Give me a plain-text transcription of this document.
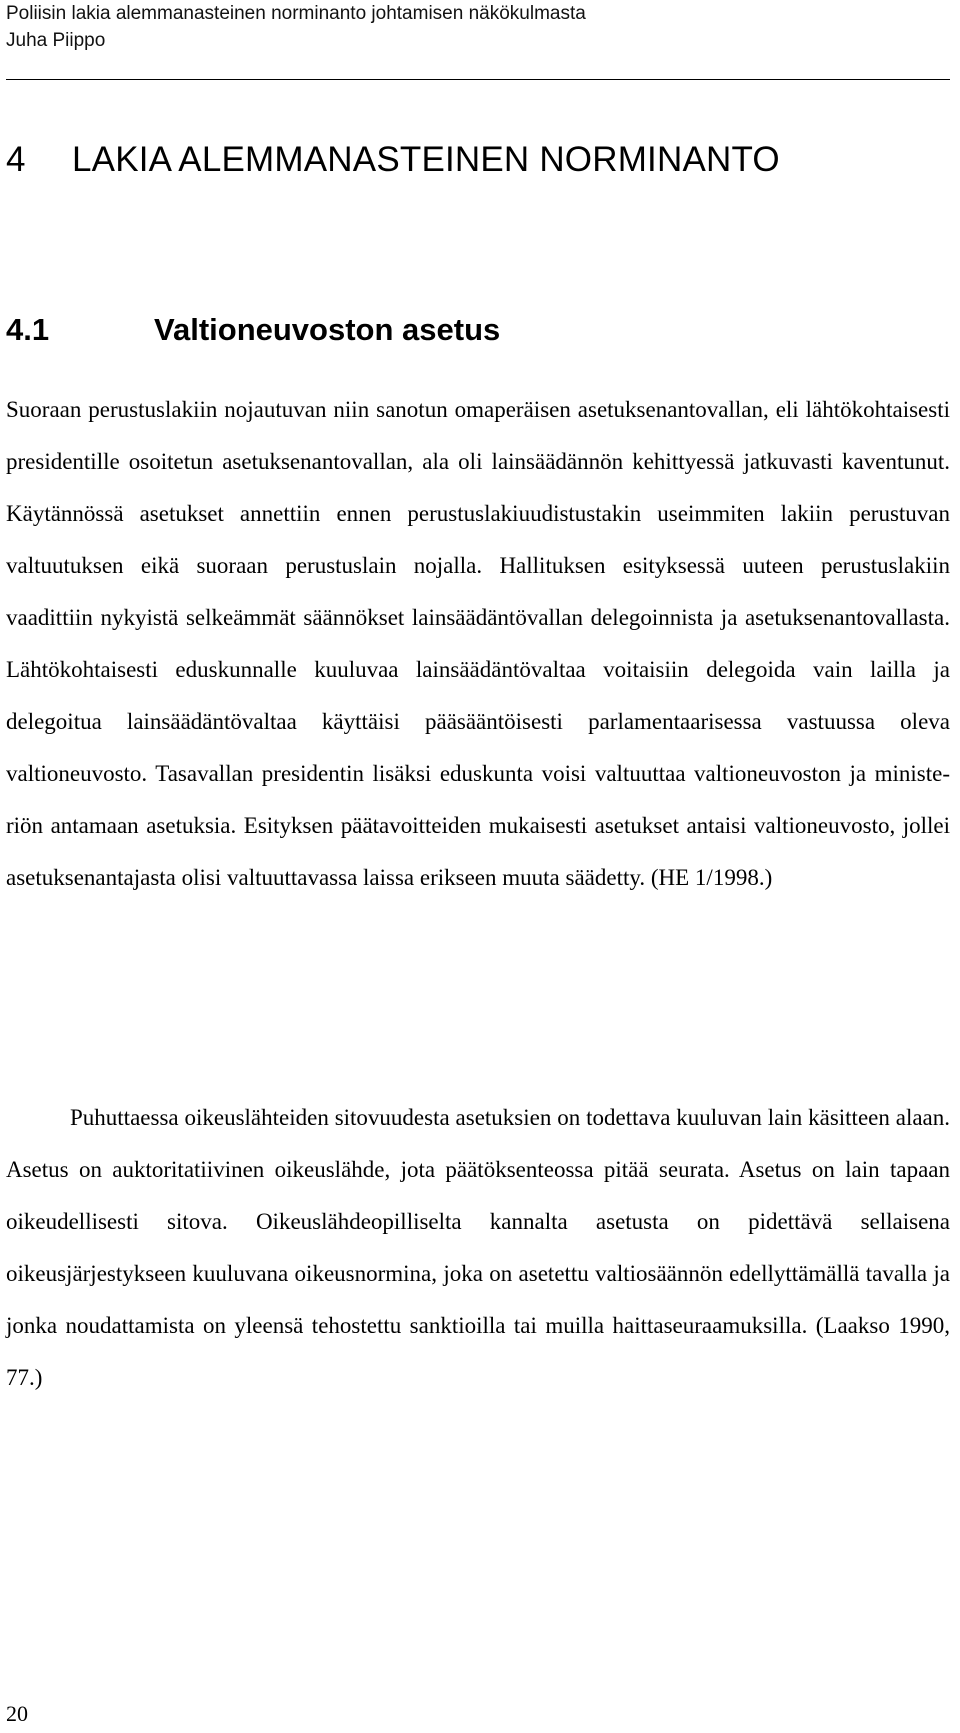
Poliisin lakia alemmanasteinen norminanto johtamisen näkökulmasta
Juha Piippo
4 LAKIA ALEMMANASTEINEN NORMINANTO
4.1	Valtioneuvoston asetus

Suoraan perustuslakiin nojautuvan niin sanotun omaperäisen asetuksenantovallan, eli lähtökohtaisesti presidentille osoitetun asetuksenantovallan, ala oli lainsäädännön kehittyessä jatkuvasti kaventunut. Käytännössä asetukset annettiin ennen perustuslakiuudistustakin useimmiten lakiin perustuvan valtuutuksen eikä suoraan perustuslain nojalla. Hallituksen esityksessä uuteen perustuslakiin vaadittiin nykyistä selkeämmät säännökset lainsäädäntövallan delegoinnista ja asetuksenantovallasta. Lähtökohtaisesti eduskunnalle kuuluvaa lainsäädäntövaltaa voitaisiin delegoida vain lailla ja delegoitua lainsäädäntövaltaa käyttäisi pääsääntöisesti parlamentaarisessa vastuussa oleva valtioneuvosto. Tasavallan presidentin lisäksi eduskunta voisi valtuuttaa valtioneuvoston ja ministeriön antamaan asetuksia. Esityksen päätavoitteiden mukaisesti asetukset antaisi valtioneuvosto, jollei asetuksenantajasta olisi valtuuttavassa laissa erikseen muuta säädetty. (HE 1/1998.)

Puhuttaessa oikeuslähteiden sitovuudesta asetuksien on todettava kuuluvan lain käsitteen alaan. Asetus on auktoritatiivinen oikeuslähde, jota päätöksenteossa pitää seurata. Asetus on lain tapaan oikeudellisesti sitova. Oikeuslähdeopilliselta kannalta asetusta on pidettävä sellaisena oikeusjärjestykseen kuuluvana oikeusnormina, joka on asetettu valtiosäännön edellyttämällä tavalla ja jonka noudattamista on yleensä tehostettu sanktioilla tai muilla haittaseuraamuksilla. (Laakso 1990, 77.)

20
